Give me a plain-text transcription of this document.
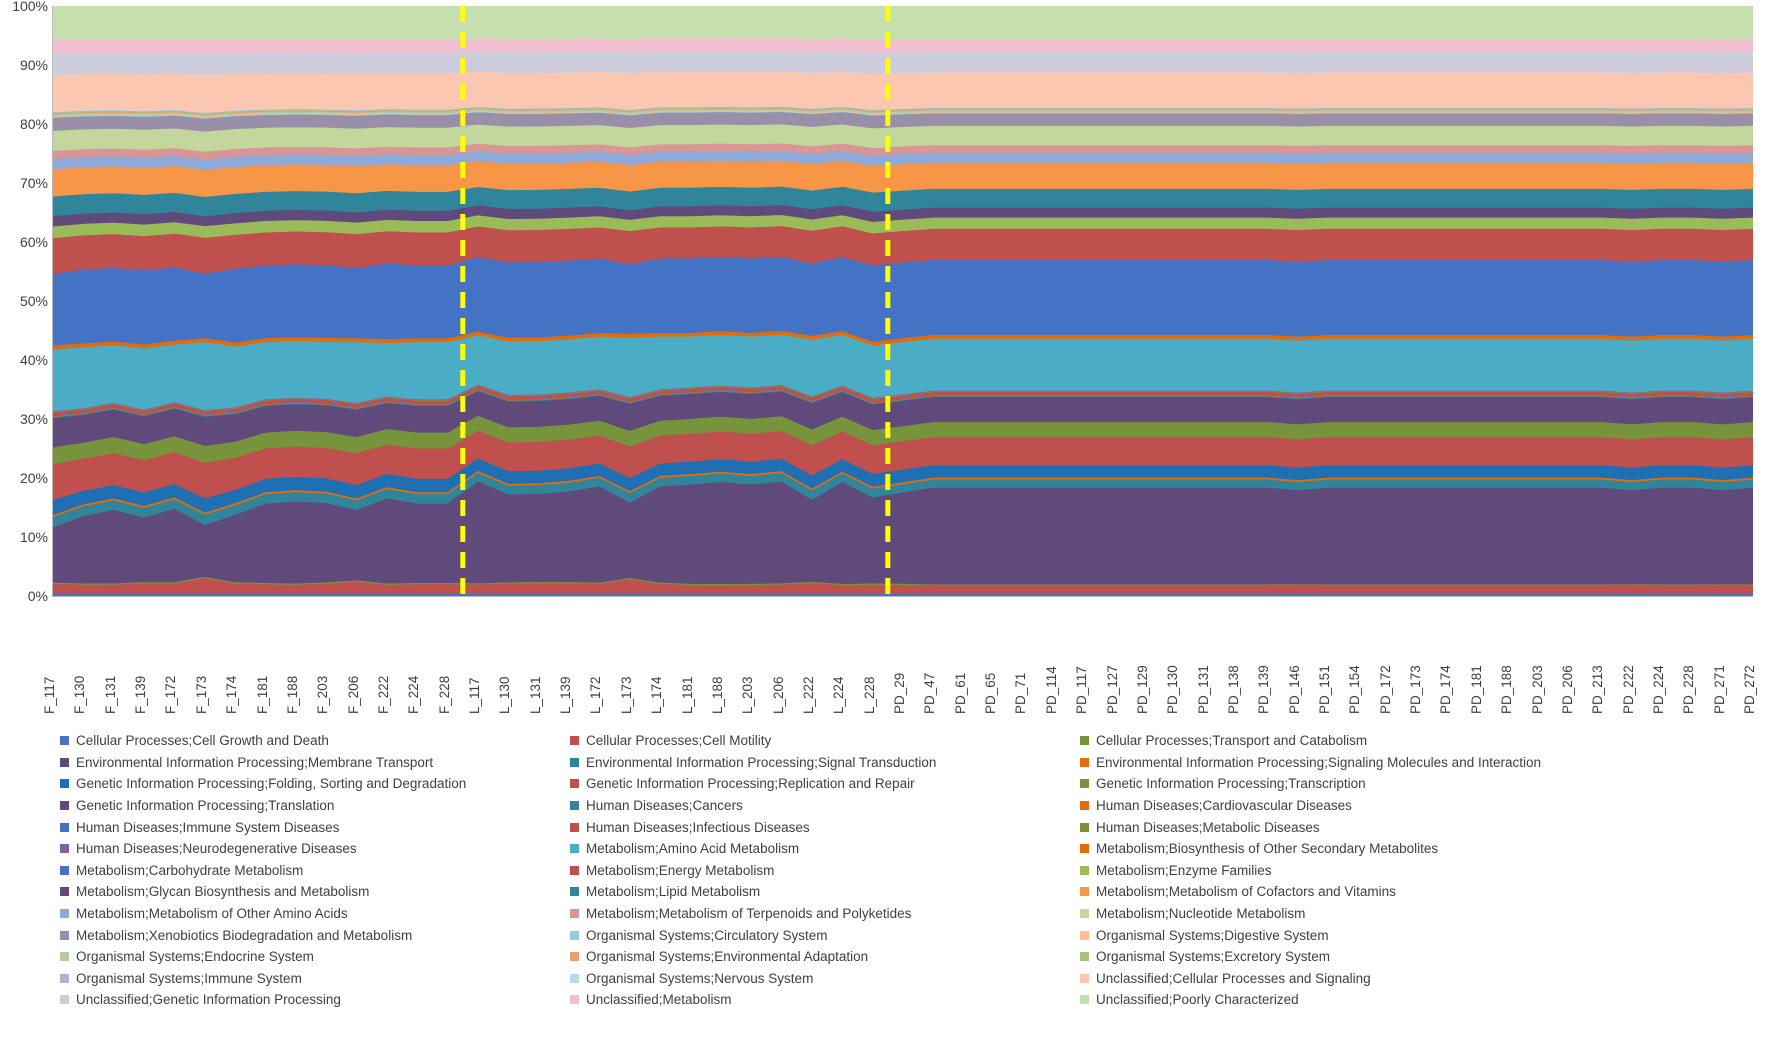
0%
10%
20%
30%
40%
50%
60%
70%
80%
90%
100%
F_117 F_130 F_131 F_139 F_172 F_173 F_174 F_181 F_188 F_203 F_206 F_222 F_224 F_228 L_117 L_130 L_131 L_139 L_172 L_173 L_174 L_181 L_188 L_203 L_206 L_222 L_224 L_228 PD_29 PD_47 PD_61 PD_65 PD_71 PD_114 PD_117 PD_127 PD_129 PD_130 PD_131 PD_138 PD_139 PD_146 PD_151 PD_154 PD_172 PD_173 PD_174 PD_181 PD_188 PD_203 PD_206 PD_213 PD_222 PD_224 PD_228 PD_271 PD_272
Cellular Processes;Cell Growth and Death	Cellular Processes;Cell Motility	Cellular Processes;Transport and Catabolism
Environmental Information Processing;Membrane Transport	Environmental Information Processing;Signal Transduction	Environmental Information Processing;Signaling Molecules and Interaction
Genetic Information Processing;Folding, Sorting and Degradation	Genetic Information Processing;Replication and Repair	Genetic Information Processing;Transcription
Genetic Information Processing;Translation	Human Diseases;Cancers	Human Diseases;Cardiovascular Diseases
Human Diseases;Immune System Diseases	Human Diseases;Infectious Diseases	Human Diseases;Metabolic Diseases
Human Diseases;Neurodegenerative Diseases	Metabolism;Amino Acid Metabolism	Metabolism;Biosynthesis of Other Secondary Metabolites
Metabolism;Carbohydrate Metabolism	Metabolism;Energy Metabolism	Metabolism;Enzyme Families
Metabolism;Glycan Biosynthesis and Metabolism	Metabolism;Lipid Metabolism	Metabolism;Metabolism of Cofactors and Vitamins
Metabolism;Metabolism of Other Amino Acids	Metabolism;Metabolism of Terpenoids and Polyketides	Metabolism;Nucleotide Metabolism
Metabolism;Xenobiotics Biodegradation and Metabolism	Organismal Systems;Circulatory System	Organismal Systems;Digestive System
Organismal Systems;Endocrine System	Organismal Systems;Environmental Adaptation	Organismal Systems;Excretory System
Organismal Systems;Immune System	Organismal Systems;Nervous System	Unclassified;Cellular Processes and Signaling
Unclassified;Genetic Information Processing	Unclassified;Metabolism	Unclassified;Poorly Characterized
